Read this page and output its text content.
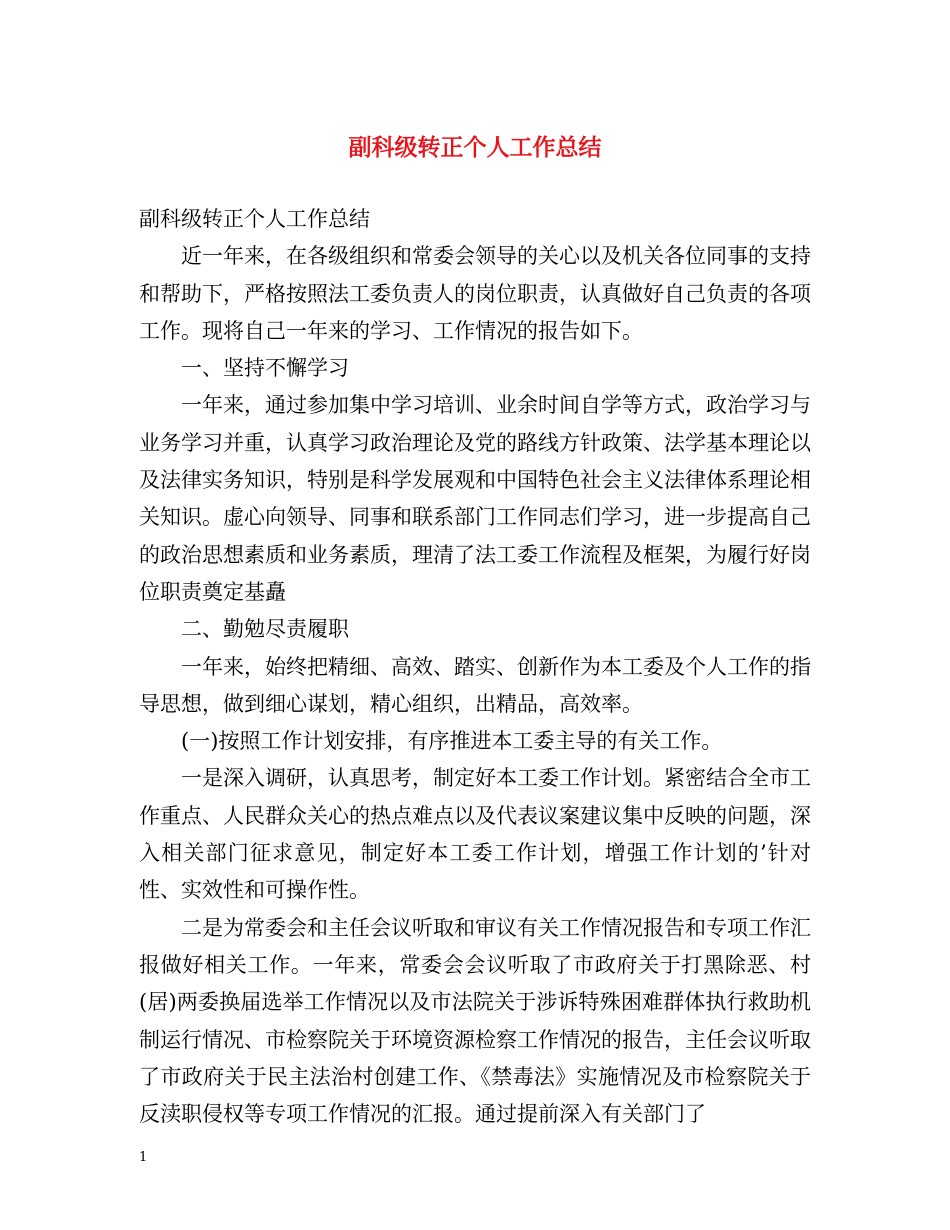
副科级转正个人工作总结

副科级转正个人工作总结

近一年来，在各级组织和常委会领导的关心以及机关各位同事的支持和帮助下，严格按照法工委负责人的岗位职责，认真做好自己负责的各项工作。现将自己一年来的学习、工作情况的报告如下。

一、坚持不懈学习

一年来，通过参加集中学习培训、业余时间自学等方式，政治学习与业务学习并重，认真学习政治理论及党的路线方针政策、法学基本理论以及法律实务知识，特别是科学发展观和中国特色社会主义法律体系理论相关知识。虚心向领导、同事和联系部门工作同志们学习，进一步提高自己的政治思想素质和业务素质，理清了法工委工作流程及框架，为履行好岗位职责奠定基矗

二、勤勉尽责履职

一年来，始终把精细、高效、踏实、创新作为本工委及个人工作的指导思想，做到细心谋划，精心组织，出精品，高效率。

(一)按照工作计划安排，有序推进本工委主导的有关工作。

一是深入调研，认真思考，制定好本工委工作计划。紧密结合全市工作重点、人民群众关心的热点难点以及代表议案建议集中反映的问题，深入相关部门征求意见，制定好本工委工作计划，增强工作计划的’针对性、实效性和可操作性。

二是为常委会和主任会议听取和审议有关工作情况报告和专项工作汇报做好相关工作。一年来，常委会会议听取了市政府关于打黑除恶、村(居)两委换届选举工作情况以及市法院关于涉诉特殊困难群体执行救助机制运行情况、市检察院关于环境资源检察工作情况的报告，主任会议听取了市政府关于民主法治村创建工作、《禁毒法》实施情况及市检察院关于反渎职侵权等专项工作情况的汇报。通过提前深入有关部门了

1
